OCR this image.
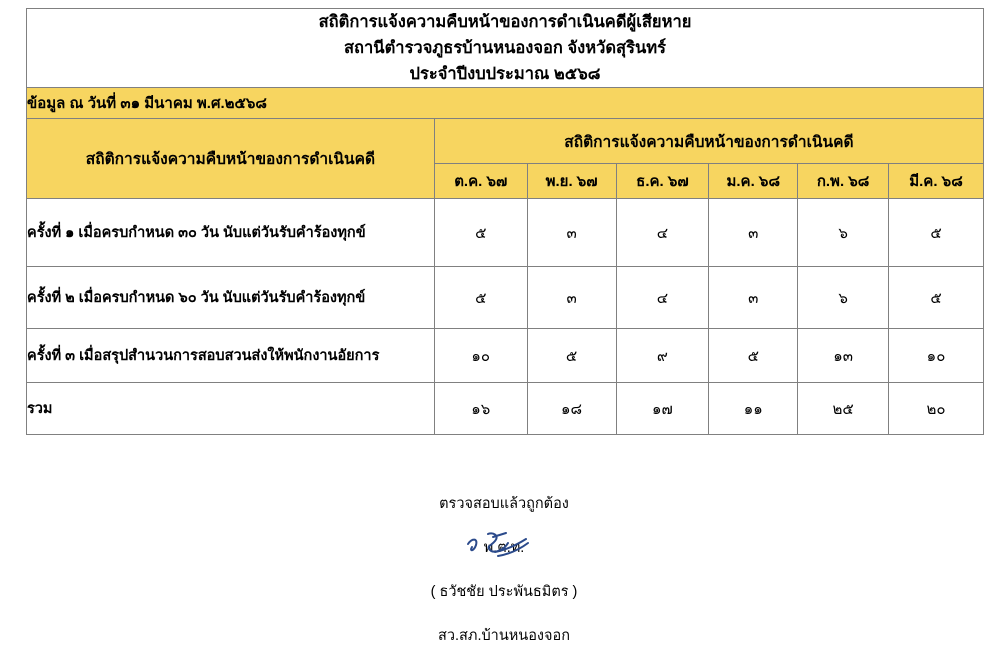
สถิติการแจ้งความคืบหน้าของการดำเนินคดีผู้เสียหาย
สถานีตำรวจภูธรบ้านหนองจอก จังหวัดสุรินทร์
ประจำปีงบประมาณ ๒๕๖๘						

ข้อมูล ณ วันที่ ๓๑ มีนาคม พ.ศ.๒๕๖๘						
สถิติการแจ้งความคืบหน้าของการดำเนินคดี	สถิติการแจ้งความคืบหน้าของการดำเนินคดี					
	ต.ค. ๖๗	พ.ย. ๖๗	ธ.ค. ๖๗	ม.ค. ๖๘	ก.พ. ๖๘	มี.ค. ๖๘
ครั้งที่ ๑ เมื่อครบกำหนด ๓๐ วัน นับแต่วันรับคำร้องทุกข์	๕	๓	๔	๓	๖	๕
ครั้งที่ ๒ เมื่อครบกำหนด ๖๐ วัน นับแต่วันรับคำร้องทุกข์	๕	๓	๔	๓	๖	๕
ครั้งที่ ๓ เมื่อสรุปสำนวนการสอบสวนส่งให้พนักงานอัยการ	๑๐	๕	๙	๕	๑๓	๑๐
รวม	๑๖	๑๘	๑๗	๑๑	๒๕	๒๐
ตรวจสอบแล้วถูกต้อง
พ.ต.ท.
( ธวัชชัย ประพันธมิตร )
สว.สภ.บ้านหนองจอก
